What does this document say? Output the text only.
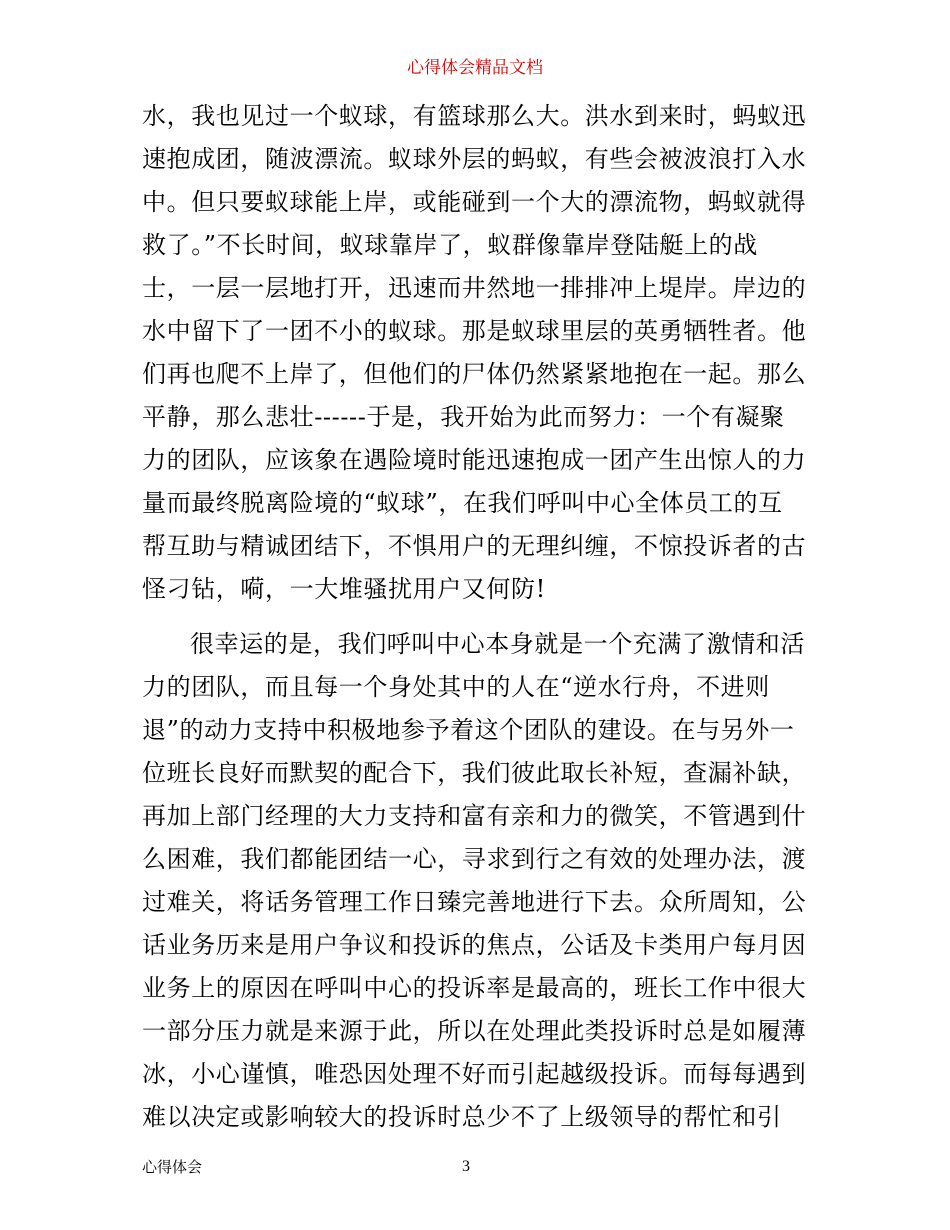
心得体会精品文档
水，我也见过一个蚁球，有篮球那么大。洪水到来时，蚂蚁迅
速抱成团，随波漂流。蚁球外层的蚂蚁，有些会被波浪打入水
中。但只要蚁球能上岸，或能碰到一个大的漂流物，蚂蚁就得
救了。”不长时间，蚁球靠岸了，蚁群像靠岸登陆艇上的战
士，一层一层地打开，迅速而井然地一排排冲上堤岸。岸边的
水中留下了一团不小的蚁球。那是蚁球里层的英勇牺牲者。他
们再也爬不上岸了，但他们的尸体仍然紧紧地抱在一起。那么
平静，那么悲壮------于是，我开始为此而努力：一个有凝聚
力的团队，应该象在遇险境时能迅速抱成一团产生出惊人的力
量而最终脱离险境的“蚁球”，在我们呼叫中心全体员工的互
帮互助与精诚团结下，不惧用户的无理纠缠，不惊投诉者的古
怪刁钻，嗬，一大堆骚扰用户又何防!
很幸运的是，我们呼叫中心本身就是一个充满了激情和活
力的团队，而且每一个身处其中的人在“逆水行舟，不进则
退”的动力支持中积极地参予着这个团队的建设。在与另外一
位班长良好而默契的配合下，我们彼此取长补短，查漏补缺，
再加上部门经理的大力支持和富有亲和力的微笑，不管遇到什
么困难，我们都能团结一心，寻求到行之有效的处理办法，渡
过难关，将话务管理工作日臻完善地进行下去。众所周知，公
话业务历来是用户争议和投诉的焦点，公话及卡类用户每月因
业务上的原因在呼叫中心的投诉率是最高的，班长工作中很大
一部分压力就是来源于此，所以在处理此类投诉时总是如履薄
冰，小心谨慎，唯恐因处理不好而引起越级投诉。而每每遇到
难以决定或影响较大的投诉时总少不了上级领导的帮忙和引
心得体会	3
